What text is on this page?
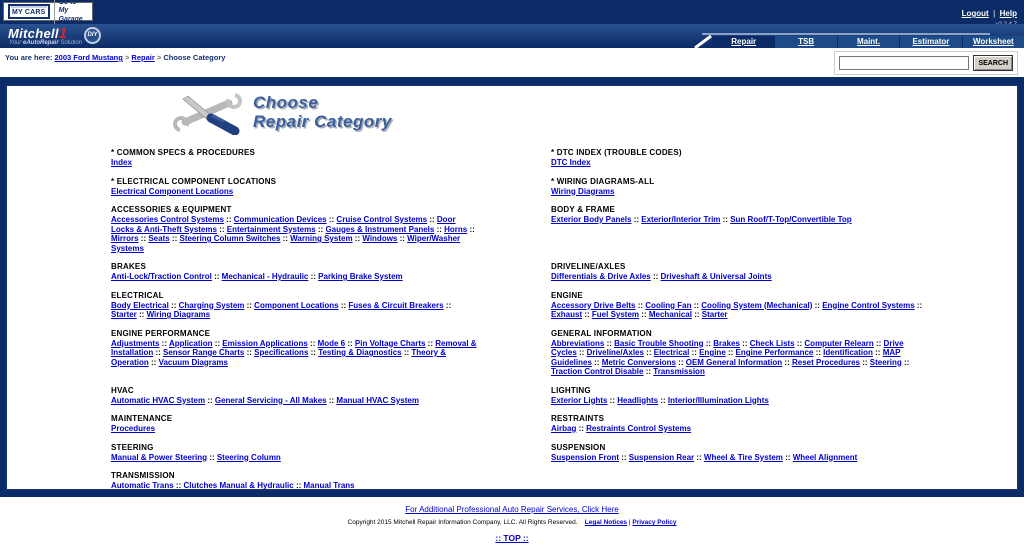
MY CARS
Go to My Garage
Logout | Help
Mitchell1
Your eAutoRepair Solution
DIY
Repair	TSB	Maint.	Estimator	Worksheet
You are here: 2003 Ford Mustang > Repair > Choose Category
SEARCH
Choose
Repair Category
* COMMON SPECS & PROCEDURES
Index
* DTC INDEX (TROUBLE CODES)
DTC Index
* ELECTRICAL COMPONENT LOCATIONS
Electrical Component Locations
* WIRING DIAGRAMS-ALL
Wiring Diagrams
ACCESSORIES & EQUIPMENT
Accessories Control Systems :: Communication Devices :: Cruise Control Systems :: Door Locks & Anti-Theft Systems :: Entertainment Systems :: Gauges & Instrument Panels :: Horns :: Mirrors :: Seats :: Steering Column Switches :: Warning System :: Windows :: Wiper/Washer Systems
BODY & FRAME
Exterior Body Panels :: Exterior/Interior Trim :: Sun Roof/T-Top/Convertible Top
BRAKES
Anti-Lock/Traction Control :: Mechanical - Hydraulic :: Parking Brake System
DRIVELINE/AXLES
Differentials & Drive Axles :: Driveshaft & Universal Joints
ELECTRICAL
Body Electrical :: Charging System :: Component Locations :: Fuses & Circuit Breakers :: Starter :: Wiring Diagrams
ENGINE
Accessory Drive Belts :: Cooling Fan :: Cooling System (Mechanical) :: Engine Control Systems :: Exhaust :: Fuel System :: Mechanical :: Starter
ENGINE PERFORMANCE
Adjustments :: Application :: Emission Applications :: Mode 6 :: Pin Voltage Charts :: Removal & Installation :: Sensor Range Charts :: Specifications :: Testing & Diagnostics :: Theory & Operation :: Vacuum Diagrams
GENERAL INFORMATION
Abbreviations :: Basic Trouble Shooting :: Brakes :: Check Lists :: Computer Relearn :: Drive Cycles :: Driveline/Axles :: Electrical :: Engine :: Engine Performance :: Identification :: MAP Guidelines :: Metric Conversions :: OEM General Information :: Reset Procedures :: Steering :: Traction Control Disable :: Transmission
HVAC
Automatic HVAC System :: General Servicing - All Makes :: Manual HVAC System
LIGHTING
Exterior Lights :: Headlights :: Interior/Illumination Lights
MAINTENANCE
Procedures
RESTRAINTS
Airbag :: Restraints Control Systems
STEERING
Manual & Power Steering :: Steering Column
SUSPENSION
Suspension Front :: Suspension Rear :: Wheel & Tire System :: Wheel Alignment
TRANSMISSION
Automatic Trans :: Clutches Manual & Hydraulic :: Manual Trans
For Additional Professional Auto Repair Services, Click Here
Copyright 2015 Mitchell Repair Information Company, LLC. All Rights Reserved. Legal Notices | Privacy Policy
:: TOP ::
